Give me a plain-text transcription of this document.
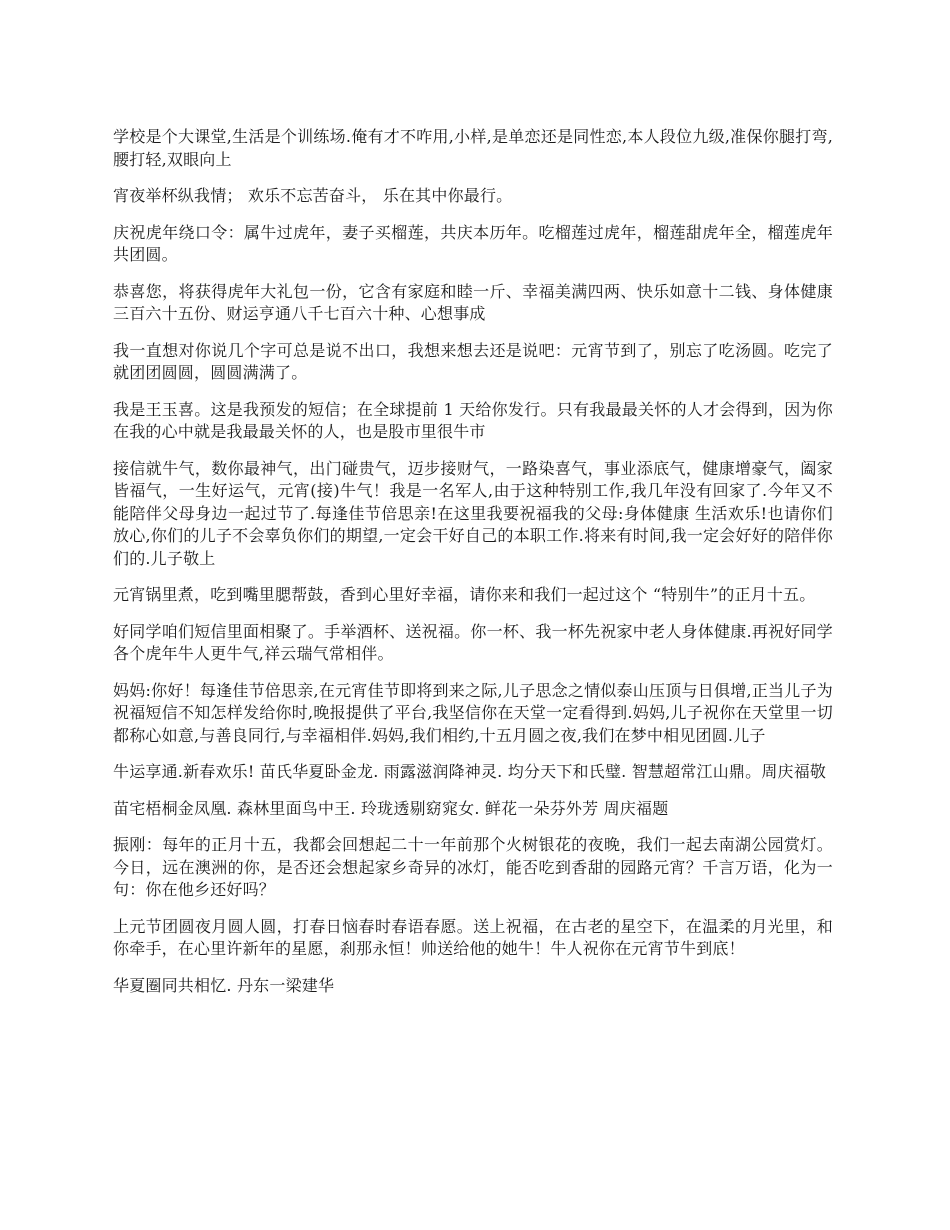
学校是个大课堂,生活是个训练场.俺有才不咋用,小样,是单恋还是同性恋,本人段位九级,准保你腿打弯,腰打轻,双眼向上

宵夜举杯纵我情； 欢乐不忘苦奋斗， 乐在其中你最行。

庆祝虎年绕口令：属牛过虎年，妻子买榴莲，共庆本历年。吃榴莲过虎年，榴莲甜虎年全，榴莲虎年共团圆。

恭喜您，将获得虎年大礼包一份，它含有家庭和睦一斤、幸福美满四两、快乐如意十二钱、身体健康三百六十五份、财运亨通八千七百六十种、心想事成

我一直想对你说几个字可总是说不出口，我想来想去还是说吧：元宵节到了，别忘了吃汤圆。吃完了就团团圆圆，圆圆满满了。

我是王玉喜。这是我预发的短信；在全球提前 1 天给你发行。只有我最最关怀的人才会得到，因为你在我的心中就是我最最关怀的人，也是股市里很牛市

接信就牛气，数你最神气，出门碰贵气，迈步接财气，一路染喜气，事业添底气，健康增豪气，阖家皆福气，一生好运气，元宵(接)牛气！我是一名军人,由于这种特别工作,我几年没有回家了.今年又不能陪伴父母身边一起过节了.每逢佳节倍思亲!在这里我要祝福我的父母:身体健康 生活欢乐!也请你们放心,你们的儿子不会辜负你们的期望,一定会干好自己的本职工作.将来有时间,我一定会好好的陪伴你们的.儿子敬上

元宵锅里煮，吃到嘴里腮帮鼓，香到心里好幸福，请你来和我们一起过这个 “特别牛”的正月十五。

好同学咱们短信里面相聚了。手举酒杯、送祝福。你一杯、我一杯先祝家中老人身体健康.再祝好同学各个虎年牛人更牛气,祥云瑞气常相伴。

妈妈:你好！每逢佳节倍思亲,在元宵佳节即将到来之际,儿子思念之情似泰山压顶与日俱增,正当儿子为祝福短信不知怎样发给你时,晚报提供了平台,我坚信你在天堂一定看得到.妈妈,儿子祝你在天堂里一切都称心如意,与善良同行,与幸福相伴.妈妈,我们相约,十五月圆之夜,我们在梦中相见团圆.儿子

牛运享通.新春欢乐! 苗氏华夏卧金龙. 雨露滋润降神灵. 均分天下和氏璧. 智慧超常江山鼎。周庆福敬

苗宅梧桐金凤凰. 森林里面鸟中王. 玲珑透剔窈窕女. 鲜花一朵芬外芳 周庆福题

振刚：每年的正月十五，我都会回想起二十一年前那个火树银花的夜晚，我们一起去南湖公园赏灯。今日，远在澳洲的你，是否还会想起家乡奇异的冰灯，能否吃到香甜的园路元宵？千言万语，化为一句：你在他乡还好吗？

上元节团圆夜月圆人圆，打春日恼春时春语春愿。送上祝福，在古老的星空下，在温柔的月光里，和你牵手，在心里许新年的星愿，刹那永恒！帅送给他的她牛！牛人祝你在元宵节牛到底！

华夏圈同共相忆. 丹东一梁建华
